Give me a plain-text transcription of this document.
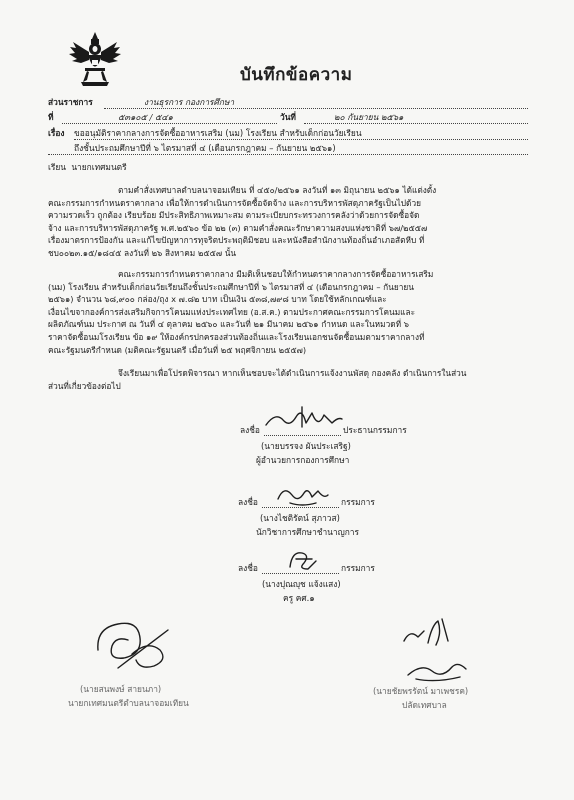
บันทึกข้อความ
ส่วนราชการ	งานธุรการ กองการศึกษา
ที่	๕๓๑๐๕ / ๕๔๑	วันที่	๒๐ กันยายน ๒๕๖๑
เรื่อง ขออนุมัติราคากลางการจัดซื้ออาหารเสริม (นม) โรงเรียน สำหรับเด็กก่อนวัยเรียน
ถึงชั้นประถมศึกษาปีที่ ๖ ไตรมาสที่ ๔ (เดือนกรกฎาคม – กันยายน ๒๕๖๑)
เรียน นายกเทศมนตรี
ตามคำสั่งเทศบาลตำบลนาจอมเทียน ที่ ๔๕๐/๒๕๖๑ ลงวันที่ ๑๓ มิถุนายน ๒๕๖๑ ได้แต่งตั้ง
คณะกรรมการกำหนดราคากลาง เพื่อให้การดำเนินการจัดซื้อจัดจ้าง และการบริหารพัสดุภาครัฐเป็นไปด้วย
ความรวดเร็ว ถูกต้อง เรียบร้อย มีประสิทธิภาพเหมาะสม ตามระเบียบกระทรวงการคลังว่าด้วยการจัดซื้อจัด
จ้าง และการบริหารพัสดุภาครัฐ พ.ศ.๒๕๖๐ ข้อ ๒๒ (๓) ตามคำสั่งคณะรักษาความสงบแห่งชาติที่ ๖๗/๒๕๕๗
เรื่องมาตรการป้องกัน และแก้ไขปัญหาการทุจริตประพฤติมิชอบ และหนังสือสำนักงานท้องถิ่นอำเภอสัตหีบ ที่
ชบ๐๐๒๓.๑๕/๑๘๔๕ ลงวันที่ ๒๖ สิงหาคม ๒๕๕๗ นั้น
คณะกรรมการกำหนดราคากลาง มีมติเห็นชอบให้กำหนดราคากลางการจัดซื้ออาหารเสริม
(นม) โรงเรียน สำหรับเด็กก่อนวัยเรียนถึงชั้นประถมศึกษาปีที่ ๖ ไตรมาสที่ ๔ (เดือนกรกฎาคม – กันยายน
๒๕๖๑) จำนวน ๖๘,๙๐๐ กล่อง/ถุง x ๗.๘๒ บาท เป็นเงิน ๕๓๘,๗๙๘ บาท โดยใช้หลักเกณฑ์และ
เงื่อนไขจากองค์การส่งเสริมกิจการโคนมแห่งประเทศไทย (อ.ส.ค.) ตามประกาศคณะกรรมการโคนมและ
ผลิตภัณฑ์นม ประกาศ ณ วันที่ ๔ ตุลาคม ๒๕๖๐ และวันที่ ๒๑ มีนาคม ๒๕๖๑ กำหนด และในหมวดที่ ๖
ราคาจัดซื้อนมโรงเรียน ข้อ ๑๙ ให้องค์กรปกครองส่วนท้องถิ่นและโรงเรียนเอกชนจัดซื้อนมตามราคากลางที่
คณะรัฐมนตรีกำหนด (มติคณะรัฐมนตรี เมื่อวันที่ ๒๕ พฤศจิกายน ๒๕๕๗)
จึงเรียนมาเพื่อโปรดพิจารณา หากเห็นชอบจะได้ดำเนินการแจ้งงานพัสดุ กองคลัง ดำเนินการในส่วน
ส่วนที่เกี่ยวข้องต่อไป
ลงชื่อ	ประธานกรรมการ
(นายบรรจง ผันประเสริฐ)
ผู้อำนวยการกองการศึกษา
ลงชื่อ	กรรมการ
(นางไชติรัตน์ สุภาวส)
นักวิชาการศึกษาชำนาญการ
ลงชื่อ	กรรมการ
(นางปุณญุช แจ้งแสง)
ครู คศ.๑
(นายสนพงษ์ สายนภา)
นายกเทศมนตรีตำบลนาจอมเทียน
(นายชัยพรรัตน์ มาเพชรค)
ปลัดเทศบาล
